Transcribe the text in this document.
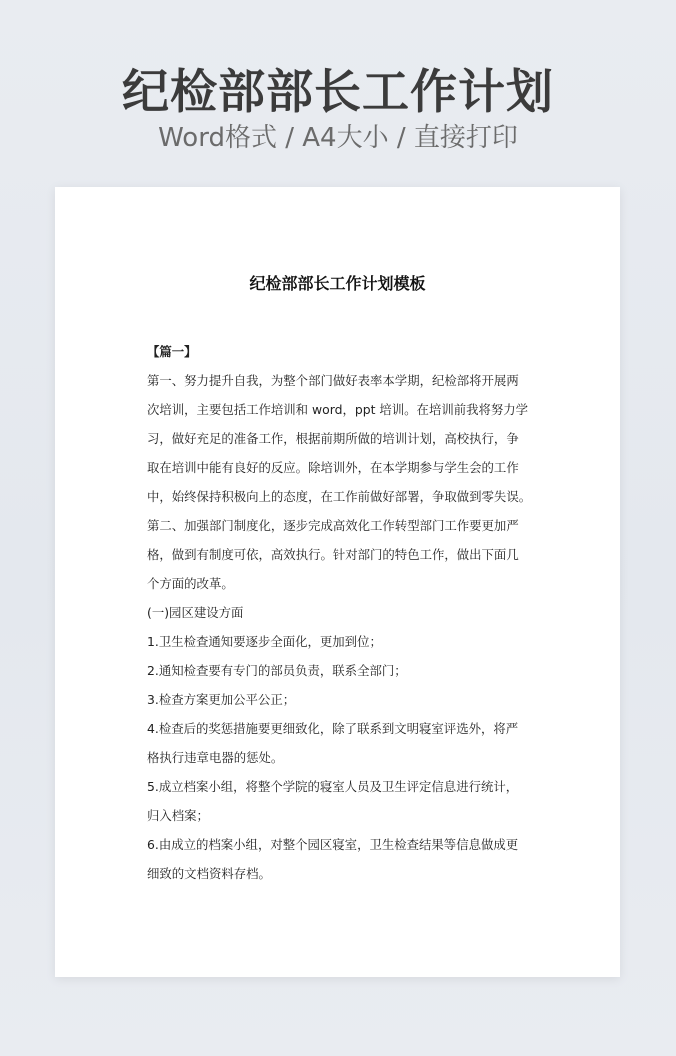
纪检部部长工作计划
Word格式 / A4大小 / 直接打印
纪检部部长工作计划模板
【篇一】
第一、努力提升自我，为整个部门做好表率本学期，纪检部将开展两
次培训，主要包括工作培训和 word，ppt 培训。在培训前我将努力学
习，做好充足的准备工作，根据前期所做的培训计划，高校执行，争
取在培训中能有良好的反应。除培训外，在本学期参与学生会的工作
中，始终保持积极向上的态度，在工作前做好部署，争取做到零失误。
第二、加强部门制度化，逐步完成高效化工作转型部门工作要更加严
格，做到有制度可依，高效执行。针对部门的特色工作，做出下面几
个方面的改革。
(一)园区建设方面
1.卫生检查通知要逐步全面化，更加到位；
2.通知检查要有专门的部员负责，联系全部门；
3.检查方案更加公平公正；
4.检查后的奖惩措施要更细致化，除了联系到文明寝室评选外，将严
格执行违章电器的惩处。
5.成立档案小组，将整个学院的寝室人员及卫生评定信息进行统计，
归入档案；
6.由成立的档案小组，对整个园区寝室，卫生检查结果等信息做成更
细致的文档资料存档。
